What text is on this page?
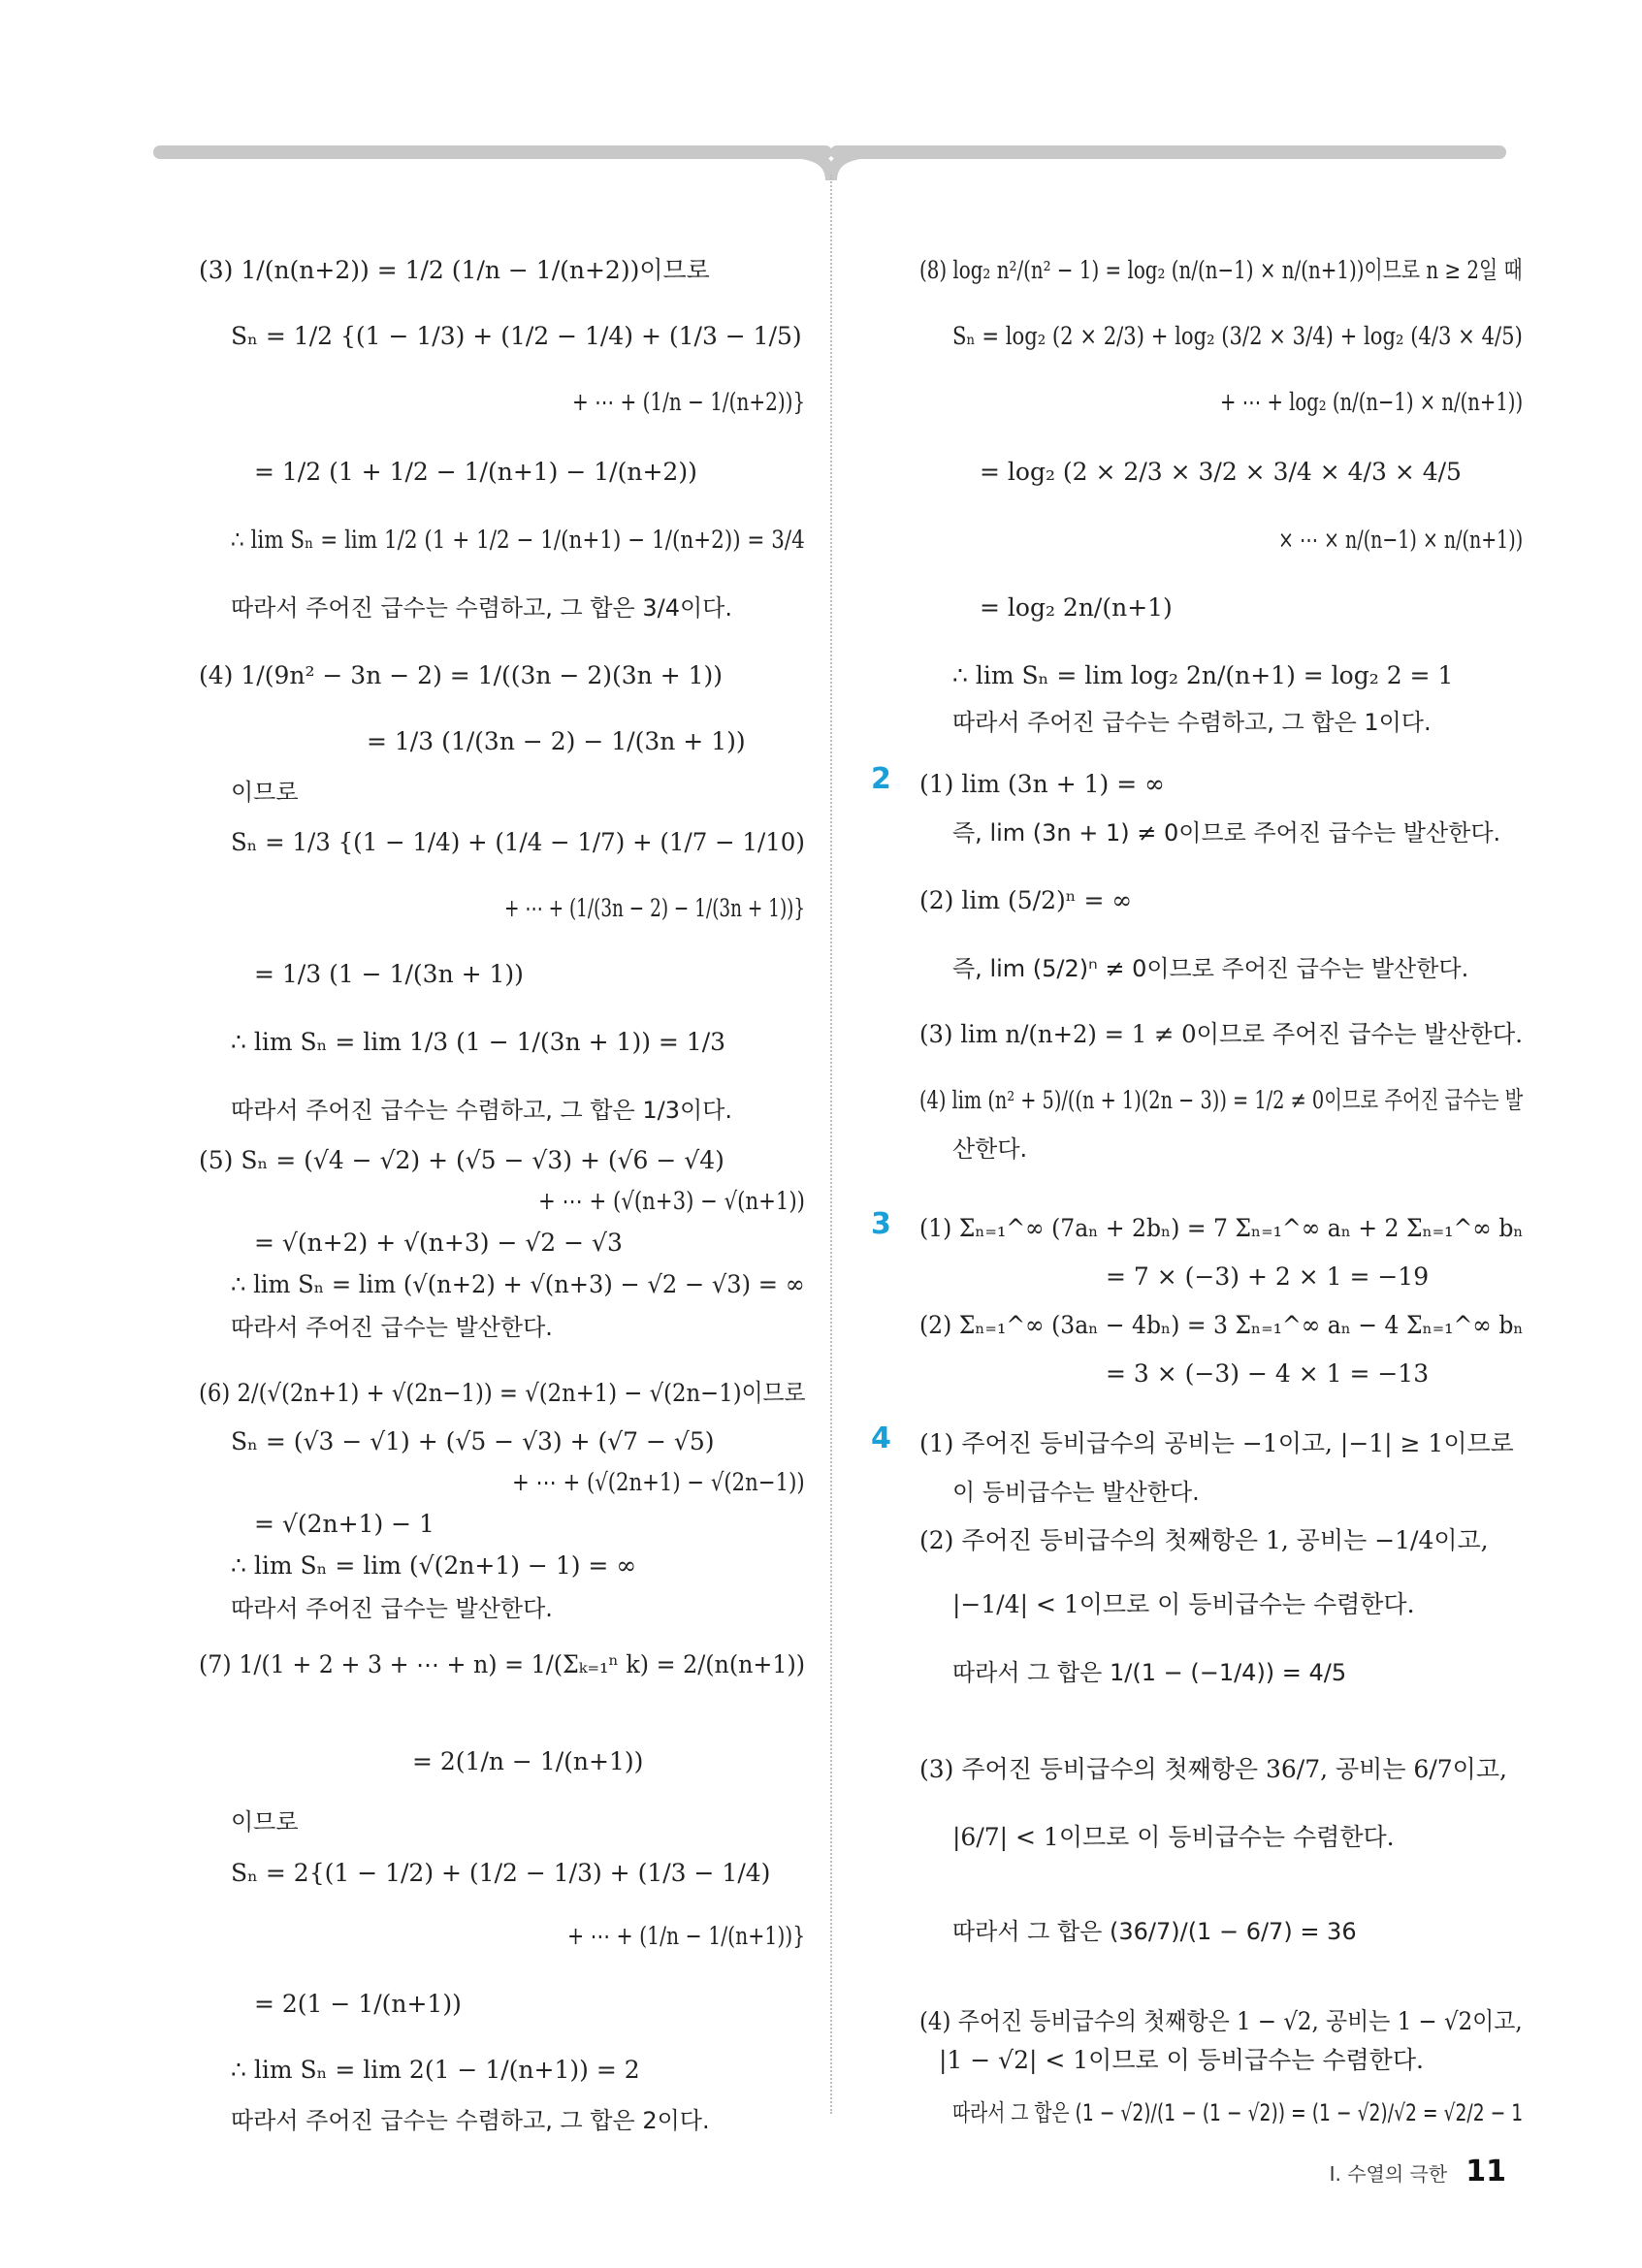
(3) 1/(n(n+2)) = 1/2 (1/n − 1/(n+2))이므로
Sₙ = 1/2 {(1 − 1/3) + (1/2 − 1/4) + (1/3 − 1/5)
+ ⋯ + (1/n − 1/(n+2))}
= 1/2 (1 + 1/2 − 1/(n+1) − 1/(n+2))
∴ lim Sₙ = lim 1/2 (1 + 1/2 − 1/(n+1) − 1/(n+2)) = 3/4
따라서 주어진 급수는 수렴하고, 그 합은 3/4이다.
(4) 1/(9n² − 3n − 2) = 1/((3n − 2)(3n + 1))
= 1/3 (1/(3n − 2) − 1/(3n + 1))
이므로
Sₙ = 1/3 {(1 − 1/4) + (1/4 − 1/7) + (1/7 − 1/10)
+ ⋯ + (1/(3n − 2) − 1/(3n + 1))}
= 1/3 (1 − 1/(3n + 1))
∴ lim Sₙ = lim 1/3 (1 − 1/(3n + 1)) = 1/3
따라서 주어진 급수는 수렴하고, 그 합은 1/3이다.
(5) Sₙ = (√4 − √2) + (√5 − √3) + (√6 − √4)
+ ⋯ + (√(n+3) − √(n+1))
= √(n+2) + √(n+3) − √2 − √3
∴ lim Sₙ = lim (√(n+2) + √(n+3) − √2 − √3) = ∞
따라서 주어진 급수는 발산한다.
(6) 2/(√(2n+1) + √(2n−1)) = √(2n+1) − √(2n−1)이므로
Sₙ = (√3 − √1) + (√5 − √3) + (√7 − √5)
+ ⋯ + (√(2n+1) − √(2n−1))
= √(2n+1) − 1
∴ lim Sₙ = lim (√(2n+1) − 1) = ∞
따라서 주어진 급수는 발산한다.
(7) 1/(1 + 2 + 3 + ⋯ + n) = 1/(Σₖ₌₁ⁿ k) = 2/(n(n+1))
= 2(1/n − 1/(n+1))
이므로
Sₙ = 2{(1 − 1/2) + (1/2 − 1/3) + (1/3 − 1/4)
+ ⋯ + (1/n − 1/(n+1))}
= 2(1 − 1/(n+1))
∴ lim Sₙ = lim 2(1 − 1/(n+1)) = 2
따라서 주어진 급수는 수렴하고, 그 합은 2이다.
(8) log₂ n²/(n² − 1) = log₂ (n/(n−1) × n/(n+1))이므로 n ≥ 2일 때
Sₙ = log₂ (2 × 2/3) + log₂ (3/2 × 3/4) + log₂ (4/3 × 4/5)
+ ⋯ + log₂ (n/(n−1) × n/(n+1))
= log₂ (2 × 2/3 × 3/2 × 3/4 × 4/3 × 4/5
× ⋯ × n/(n−1) × n/(n+1))
= log₂ 2n/(n+1)
∴ lim Sₙ = lim log₂ 2n/(n+1) = log₂ 2 = 1
따라서 주어진 급수는 수렴하고, 그 합은 1이다.
(1) lim (3n + 1) = ∞
즉, lim (3n + 1) ≠ 0이므로 주어진 급수는 발산한다.
(2) lim (5/2)ⁿ = ∞
즉, lim (5/2)ⁿ ≠ 0이므로 주어진 급수는 발산한다.
(3) lim n/(n+2) = 1 ≠ 0이므로 주어진 급수는 발산한다.
(4) lim (n² + 5)/((n + 1)(2n − 3)) = 1/2 ≠ 0이므로 주어진 급수는 발
산한다.
(1) Σₙ₌₁^∞ (7aₙ + 2bₙ) = 7 Σₙ₌₁^∞ aₙ + 2 Σₙ₌₁^∞ bₙ
= 7 × (−3) + 2 × 1 = −19
(2) Σₙ₌₁^∞ (3aₙ − 4bₙ) = 3 Σₙ₌₁^∞ aₙ − 4 Σₙ₌₁^∞ bₙ
= 3 × (−3) − 4 × 1 = −13
(1) 주어진 등비급수의 공비는 −1이고, |−1| ≥ 1이므로
이 등비급수는 발산한다.
(2) 주어진 등비급수의 첫째항은 1, 공비는 −1/4이고,
|−1/4| < 1이므로 이 등비급수는 수렴한다.
따라서 그 합은 1/(1 − (−1/4)) = 4/5
(3) 주어진 등비급수의 첫째항은 36/7, 공비는 6/7이고,
|6/7| < 1이므로 이 등비급수는 수렴한다.
따라서 그 합은 (36/7)/(1 − 6/7) = 36
(4) 주어진 등비급수의 첫째항은 1 − √2, 공비는 1 − √2이고,
|1 − √2| < 1이므로 이 등비급수는 수렴한다.
따라서 그 합은 (1 − √2)/(1 − (1 − √2)) = (1 − √2)/√2 = √2/2 − 1
2
3
4
Ⅰ. 수열의 극한 11
